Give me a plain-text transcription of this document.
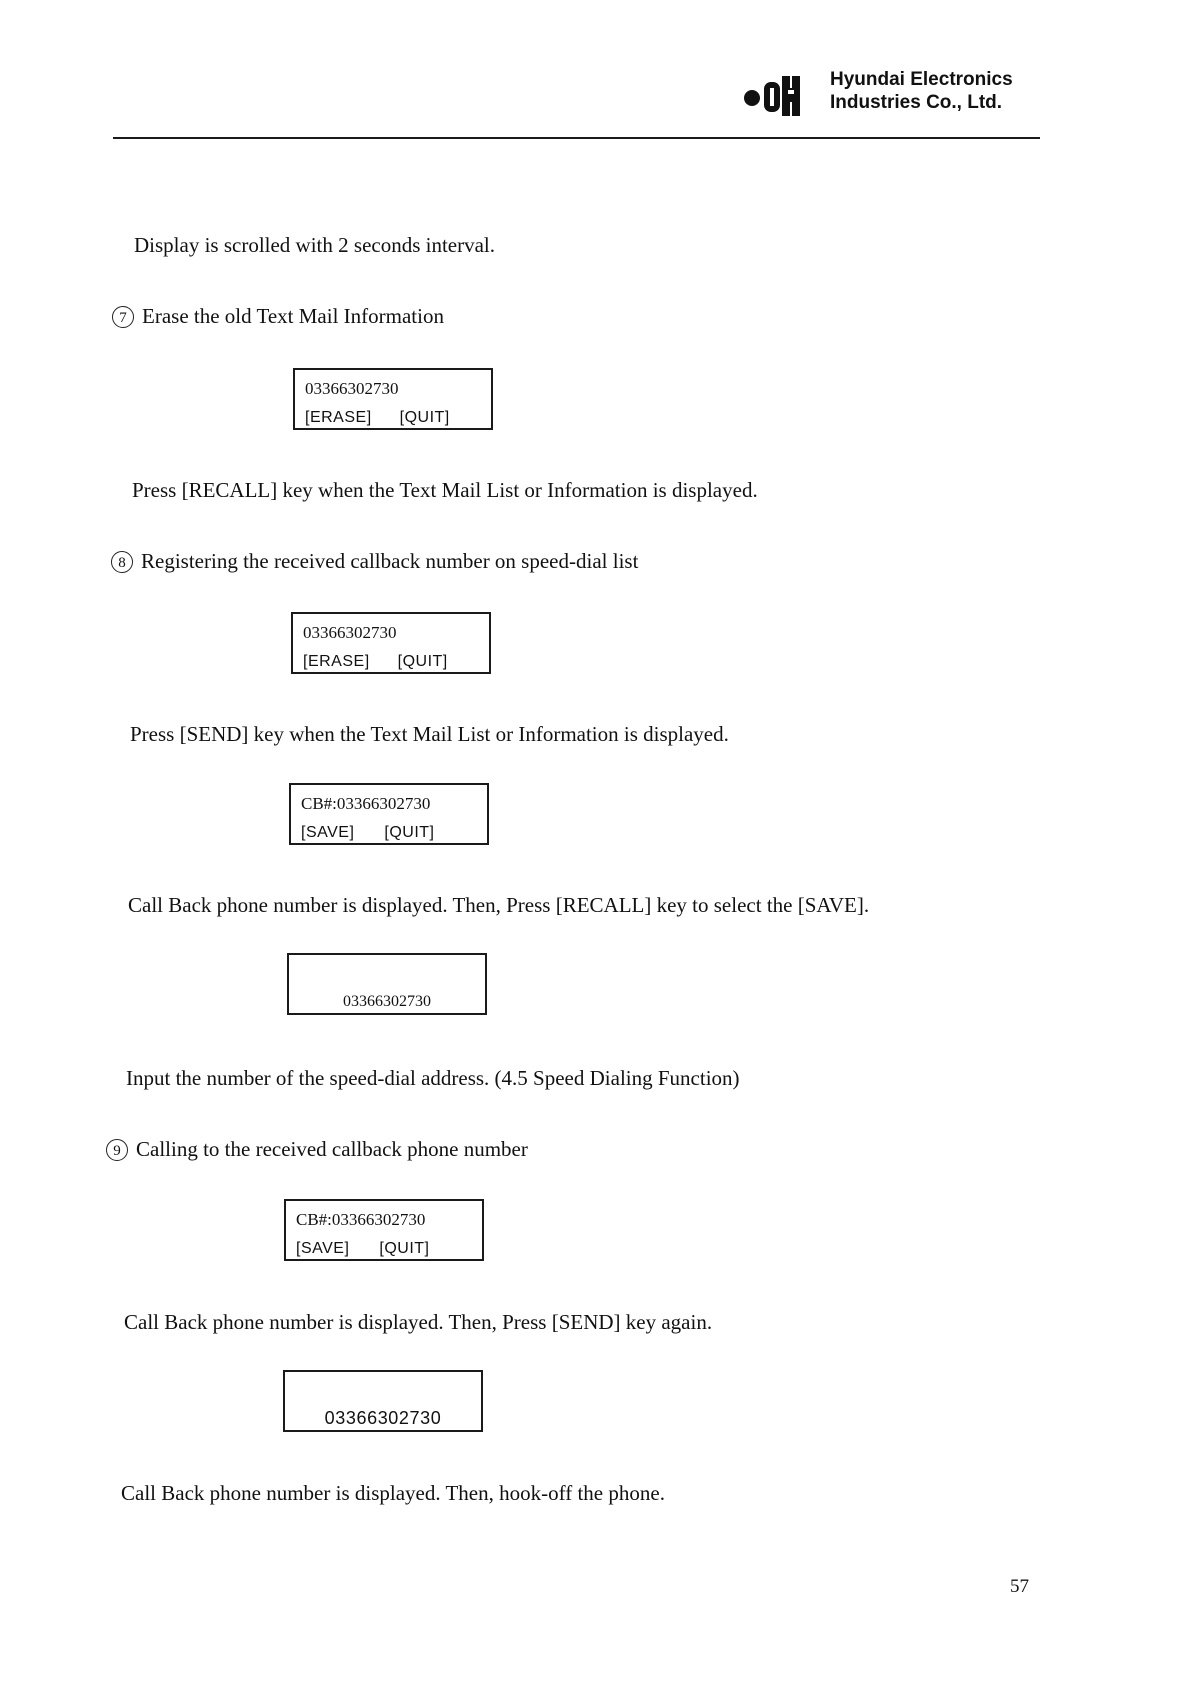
Hyundai Electronics
Industries Co., Ltd.
Display is scrolled with 2 seconds interval.
7 Erase the old Text Mail Information
03366302730
[ERASE] [QUIT]
Press [RECALL] key when the Text Mail List or Information is displayed.
8 Registering the received callback number on speed-dial list
03366302730
[ERASE] [QUIT]
Press [SEND] key when the Text Mail List or Information is displayed.
CB#:03366302730
[SAVE] [QUIT]
Call Back phone number is displayed. Then, Press [RECALL] key to select the [SAVE].
03366302730
Input the number of the speed-dial address. (4.5 Speed Dialing Function)
9 Calling to the received callback phone number
CB#:03366302730
[SAVE] [QUIT]
Call Back phone number is displayed. Then, Press [SEND] key again.
03366302730
Call Back phone number is displayed. Then, hook-off the phone.
57
